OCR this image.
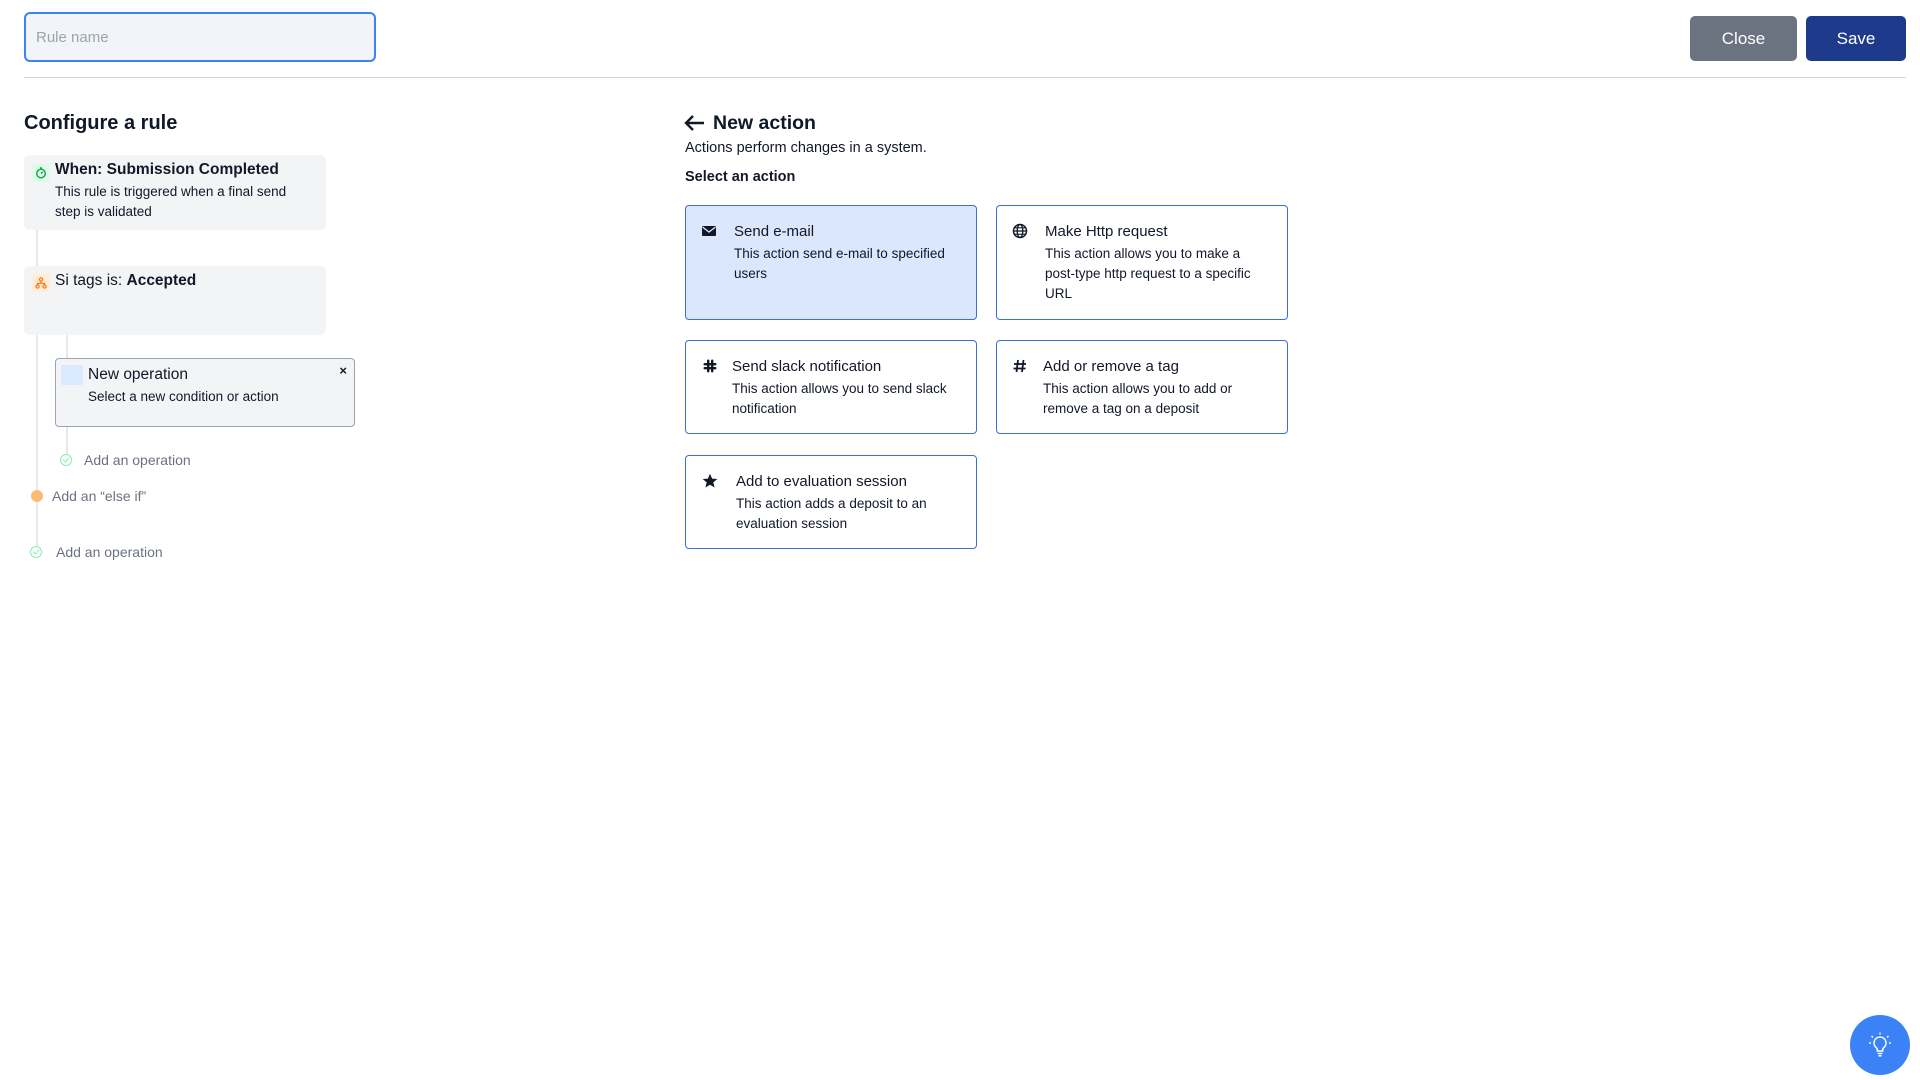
Rule name
Close	Save
Configure a rule
When: Submission Completed
This rule is triggered when a final send step is validated
Si tags is: Accepted
New operation
Select a new condition or action
×
Add an operation
Add an “else if”
Add an operation
New action
Actions perform changes in a system.
Select an action
Send e-mail
This action send e-mail to specified users
Make Http request
This action allows you to make a post-type http request to a specific URL
Send slack notification
This action allows you to send slack notification
Add or remove a tag
This action allows you to add or remove a tag on a deposit
Add to evaluation session
This action adds a deposit to an evaluation session
